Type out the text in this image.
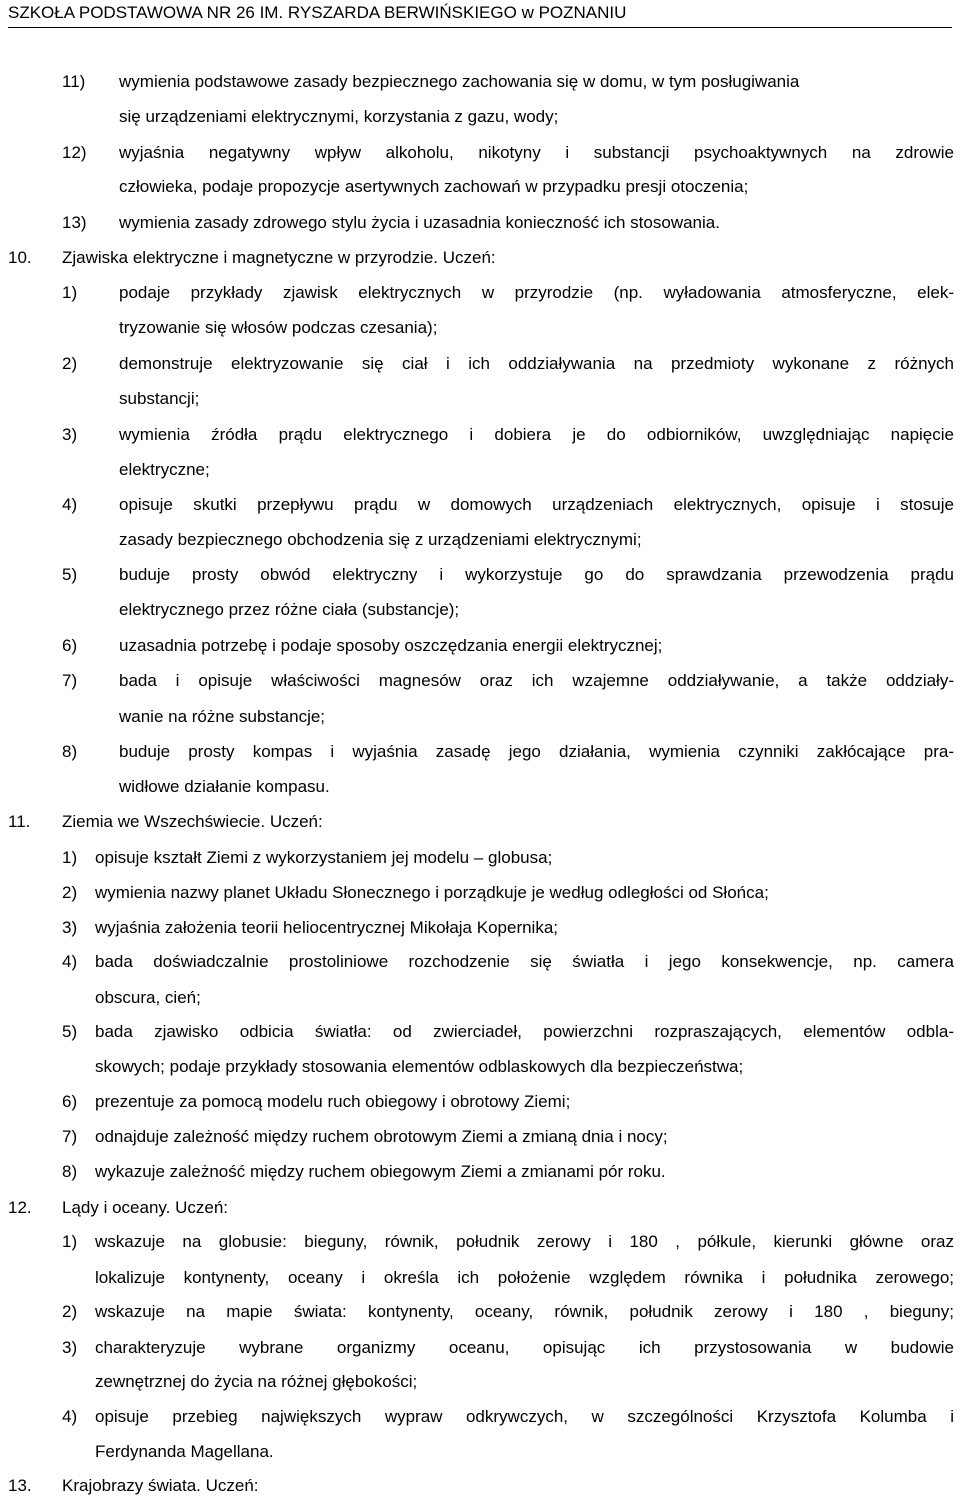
SZKOŁA PODSTAWOWA NR 26 IM. RYSZARDA BERWIŃSKIEGO w POZNANIU
11) wymienia podstawowe zasady bezpiecznego zachowania się w domu, w tym posługiwania
się urządzeniami elektrycznymi, korzystania z gazu, wody;
12) wyjaśnia negatywny wpływ alkoholu, nikotyny i substancji psychoaktywnych na zdrowie
człowieka, podaje propozycje asertywnych zachowań w przypadku presji otoczenia;
13) wymienia zasady zdrowego stylu życia i uzasadnia konieczność ich stosowania.
10. Zjawiska elektryczne i magnetyczne w przyrodzie. Uczeń:
1) podaje przykłady zjawisk elektrycznych w przyrodzie (np. wyładowania atmosferyczne, elek-
tryzowanie się włosów podczas czesania);
2) demonstruje elektryzowanie się ciał i ich oddziaływania na przedmioty wykonane z różnych
substancji;
3) wymienia źródła prądu elektrycznego i dobiera je do odbiorników, uwzględniając napięcie
elektryczne;
4) opisuje skutki przepływu prądu w domowych urządzeniach elektrycznych, opisuje i stosuje
zasady bezpiecznego obchodzenia się z urządzeniami elektrycznymi;
5) buduje prosty obwód elektryczny i wykorzystuje go do sprawdzania przewodzenia prądu
elektrycznego przez różne ciała (substancje);
6) uzasadnia potrzebę i podaje sposoby oszczędzania energii elektrycznej;
7) bada i opisuje właściwości magnesów oraz ich wzajemne oddziaływanie, a także oddziały-
wanie na różne substancje;
8) buduje prosty kompas i wyjaśnia zasadę jego działania, wymienia czynniki zakłócające pra-
widłowe działanie kompasu.
11. Ziemia we Wszechświecie. Uczeń:
1) opisuje kształt Ziemi z wykorzystaniem jej modelu – globusa;
2) wymienia nazwy planet Układu Słonecznego i porządkuje je według odległości od Słońca;
3) wyjaśnia założenia teorii heliocentrycznej Mikołaja Kopernika;
4) bada doświadczalnie prostoliniowe rozchodzenie się światła i jego konsekwencje, np. camera
obscura, cień;
5) bada zjawisko odbicia światła: od zwierciadeł, powierzchni rozpraszających, elementów odbla-
skowych; podaje przykłady stosowania elementów odblaskowych dla bezpieczeństwa;
6) prezentuje za pomocą modelu ruch obiegowy i obrotowy Ziemi;
7) odnajduje zależność między ruchem obrotowym Ziemi a zmianą dnia i nocy;
8) wykazuje zależność między ruchem obiegowym Ziemi a zmianami pór roku.
12. Lądy i oceany. Uczeń:
1) wskazuje na globusie: bieguny, równik, południk zerowy i 180 , półkule, kierunki główne oraz
lokalizuje kontynenty, oceany i określa ich położenie względem równika i południka zerowego;
2) wskazuje na mapie świata: kontynenty, oceany, równik, południk zerowy i 180 , bieguny;
3) charakteryzuje wybrane organizmy oceanu, opisując ich przystosowania w budowie
zewnętrznej do życia na różnej głębokości;
4) opisuje przebieg największych wypraw odkrywczych, w szczególności Krzysztofa Kolumba i
Ferdynanda Magellana.
13. Krajobrazy świata. Uczeń:
